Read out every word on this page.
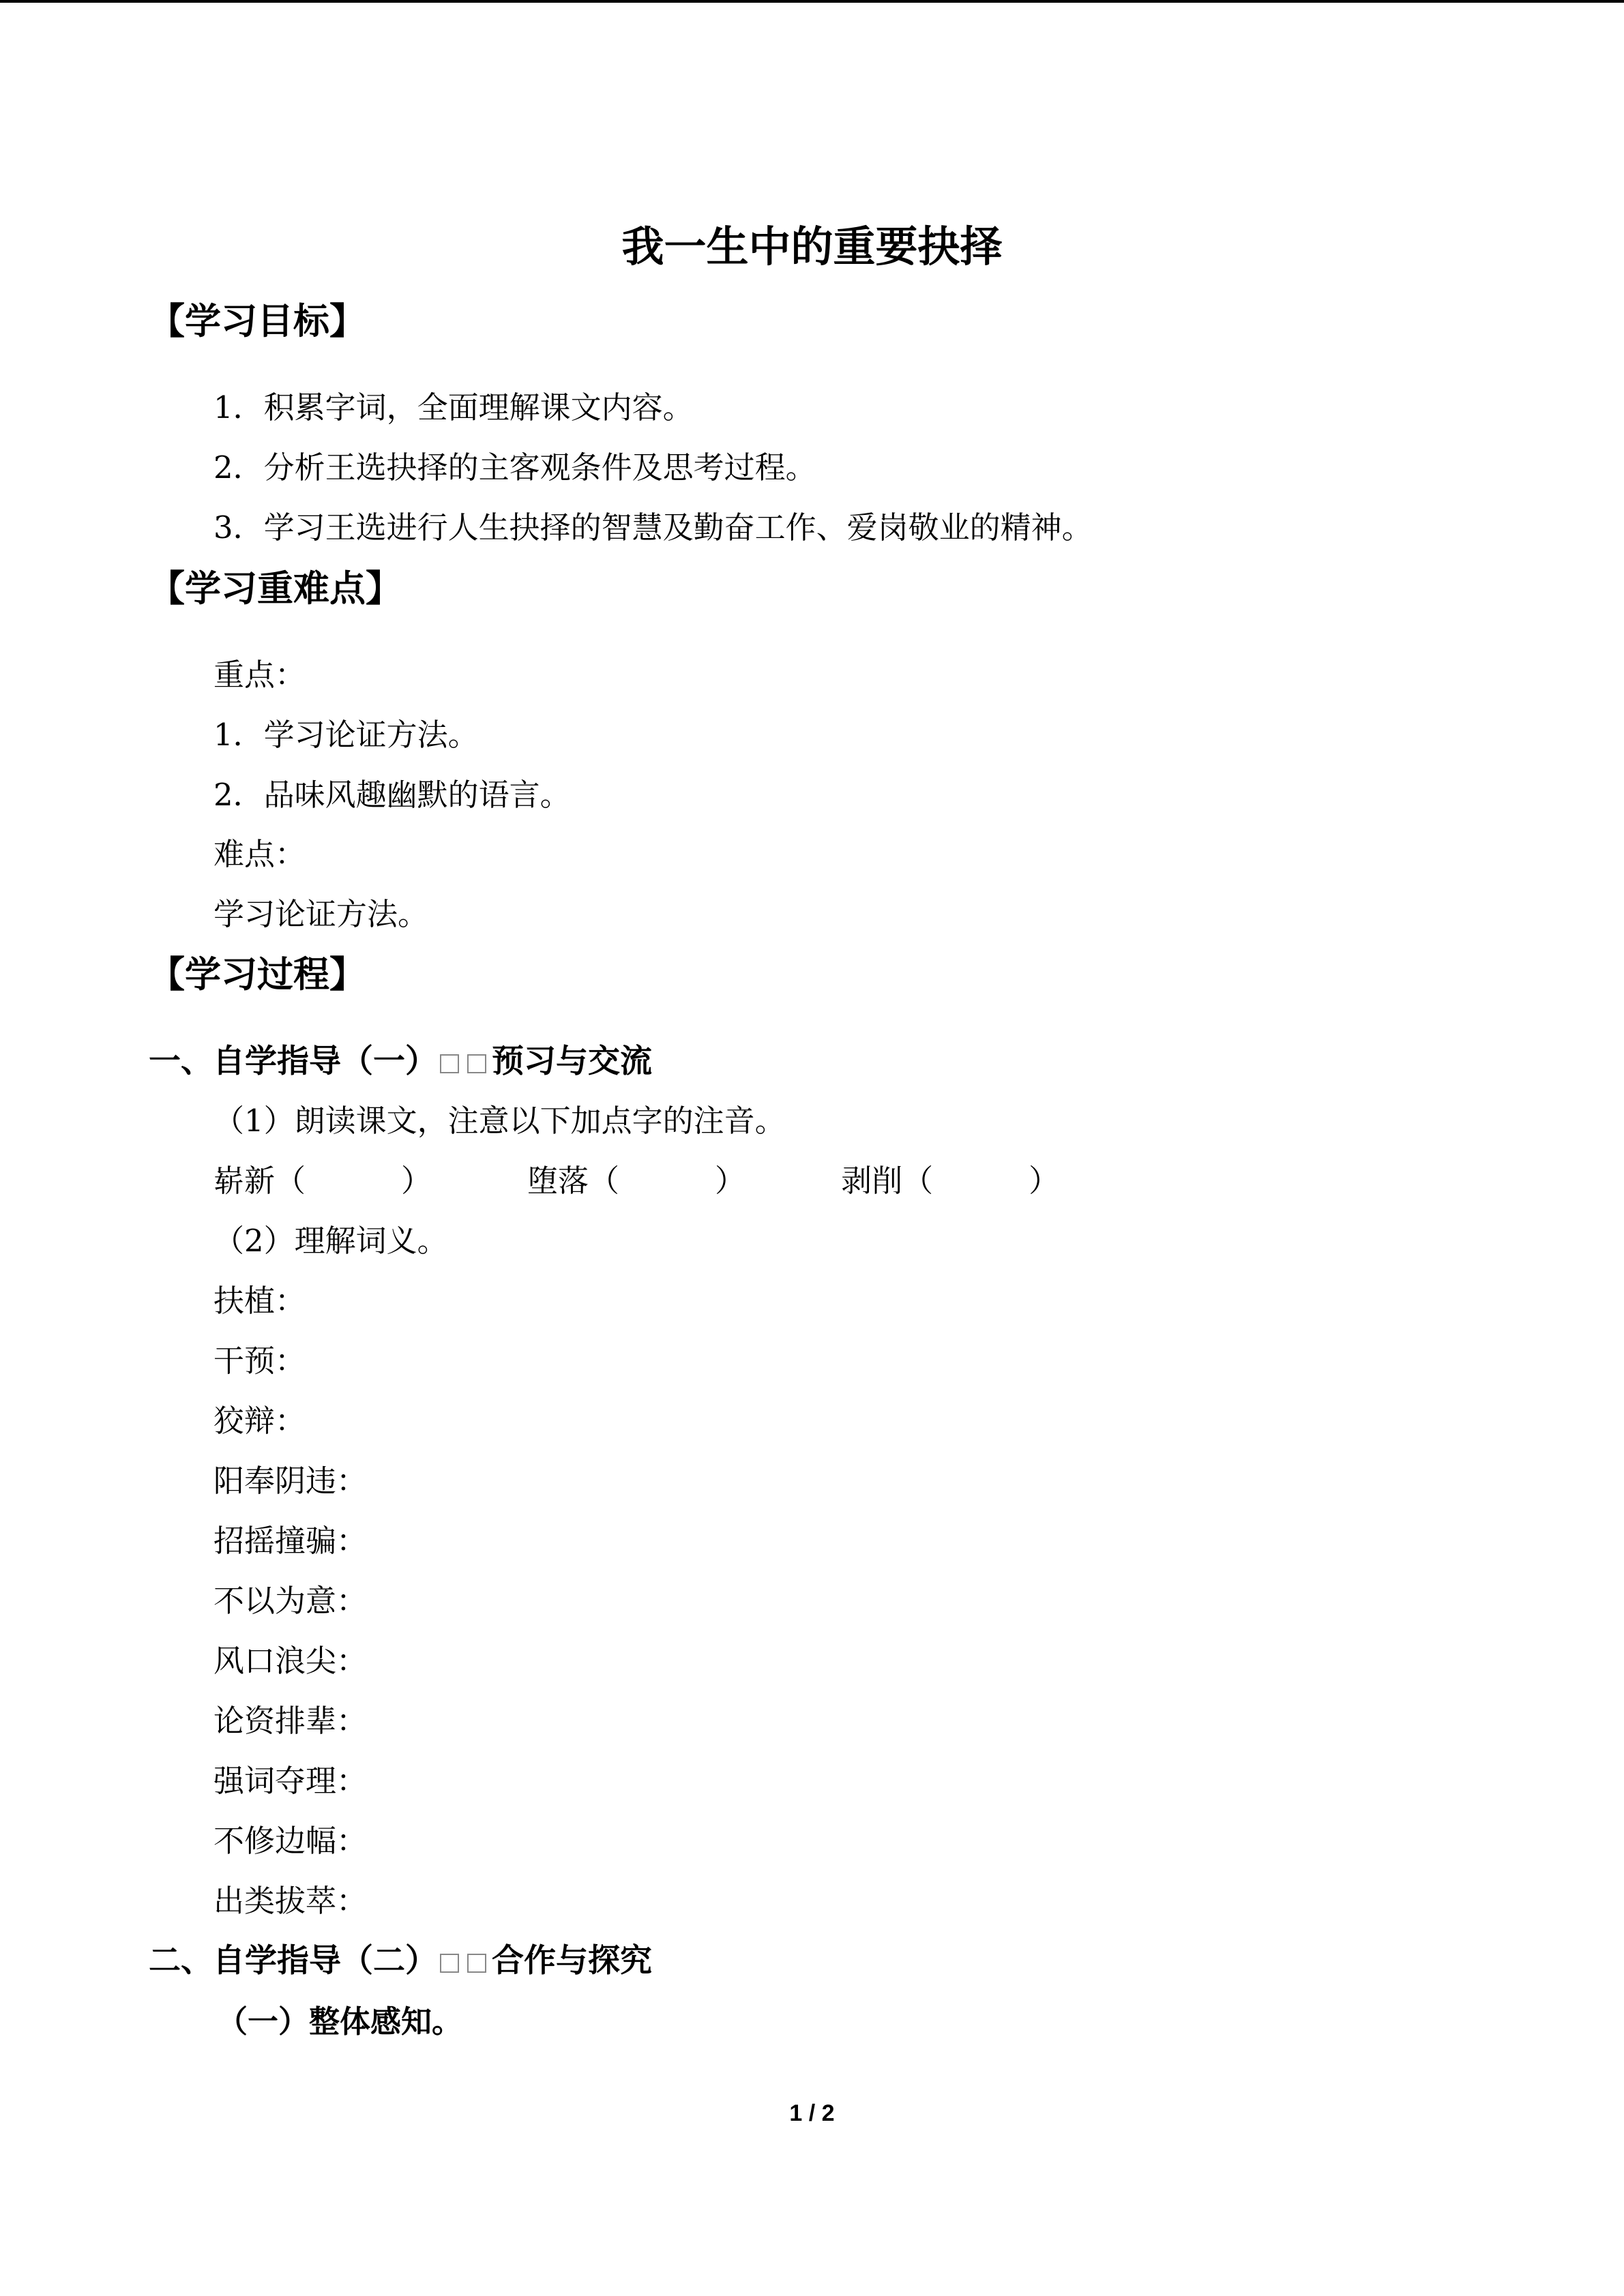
我一生中的重要抉择
【学习目标】
1．积累字词，全面理解课文内容。
2．分析王选抉择的主客观条件及思考过程。
3．学习王选进行人生抉择的智慧及勤奋工作、爱岗敬业的精神。
【学习重难点】
重点：
1．学习论证方法。
2．品味风趣幽默的语言。
难点：
学习论证方法。
【学习过程】
一、自学指导（一） 预习与交流
（1）朗读课文，注意以下加点字的注音。
崭新（	）	堕落（	）	剥削（	）
（2）理解词义。
扶植：
干预：
狡辩：
阳奉阴违：
招摇撞骗：
不以为意：
风口浪尖：
论资排辈：
强词夺理：
不修边幅：
出类拔萃：
二、自学指导（二） 合作与探究
（一）整体感知。
1 / 2
